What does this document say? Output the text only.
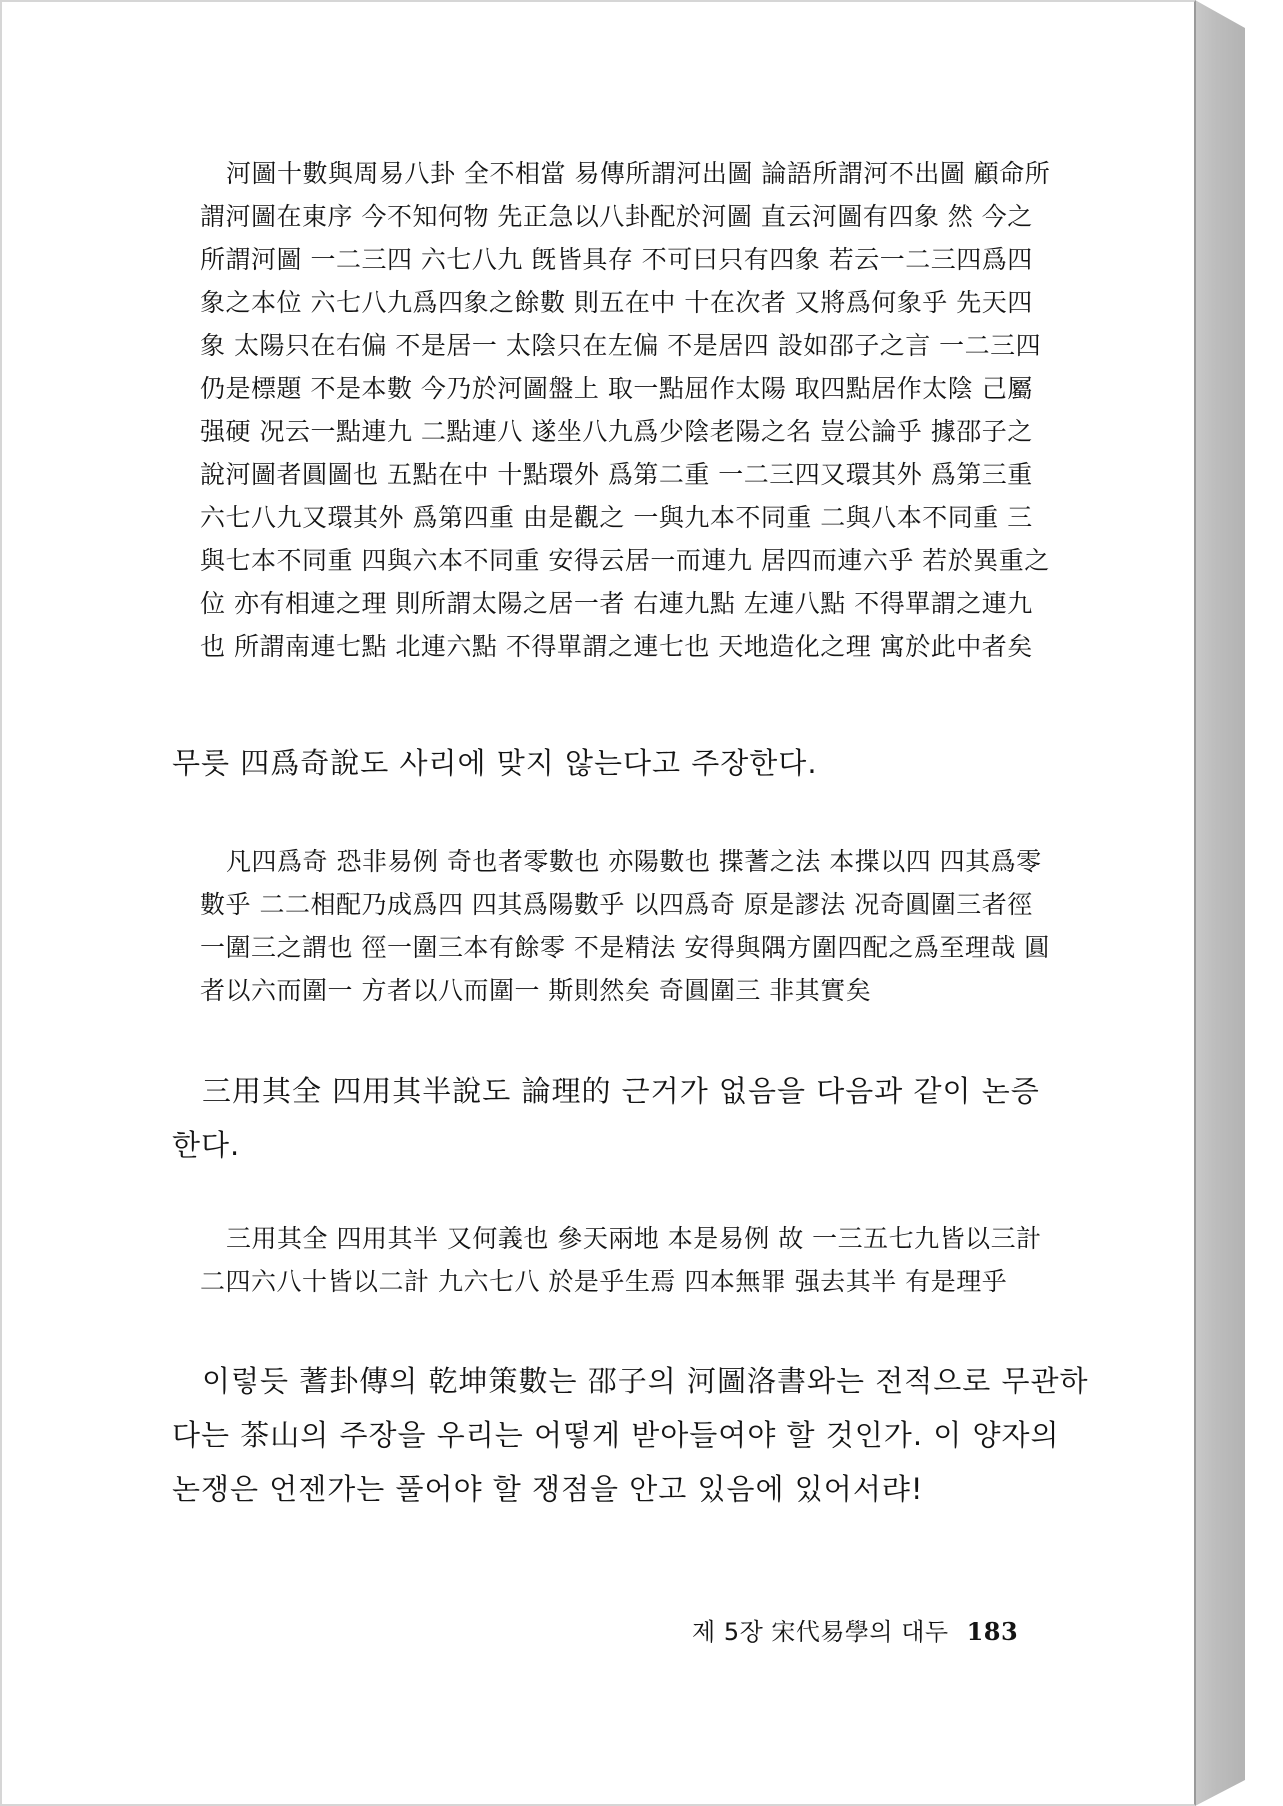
河圖十數與周易八卦 全不相當 易傳所謂河出圖 論語所謂河不出圖 顧命所
謂河圖在東序 今不知何物 先正急以八卦配於河圖 直云河圖有四象 然 今之
所謂河圖 一二三四 六七八九 旣皆具存 不可曰只有四象 若云一二三四爲四
象之本位 六七八九爲四象之餘數 則五在中 十在次者 又將爲何象乎 先天四
象 太陽只在右偏 不是居一 太陰只在左偏 不是居四 設如邵子之言 一二三四
仍是標題 不是本數 今乃於河圖盤上 取一點屈作太陽 取四點居作太陰 己屬
强硬 况云一點連九 二點連八 遂坐八九爲少陰老陽之名 豈公論乎 據邵子之
說河圖者圓圖也 五點在中 十點環外 爲第二重 一二三四又環其外 爲第三重
六七八九又環其外 爲第四重 由是觀之 一與九本不同重 二與八本不同重 三
與七本不同重 四與六本不同重 安得云居一而連九 居四而連六乎 若於異重之
位 亦有相連之理 則所謂太陽之居一者 右連九點 左連八點 不得單謂之連九
也 所謂南連七點 北連六點 不得單謂之連七也 天地造化之理 寓於此中者矣
무릇 四爲奇說도 사리에 맞지 않는다고 주장한다.
凡四爲奇 恐非易例 奇也者零數也 亦陽數也 揲蓍之法 本揲以四 四其爲零
數乎 二二相配乃成爲四 四其爲陽數乎 以四爲奇 原是謬法 况奇圓圍三者徑
一圍三之謂也 徑一圍三本有餘零 不是精法 安得與隅方圍四配之爲至理哉 圓
者以六而圍一 方者以八而圍一 斯則然矣 奇圓圍三 非其實矣
三用其全 四用其半說도 論理的 근거가 없음을 다음과 같이 논증
한다.
三用其全 四用其半 又何義也 參天兩地 本是易例 故 一三五七九皆以三計
二四六八十皆以二計 九六七八 於是乎生焉 四本無罪 强去其半 有是理乎
이렇듯 蓍卦傳의 乾坤策數는 邵子의 河圖洛書와는 전적으로 무관하
다는 茶山의 주장을 우리는 어떻게 받아들여야 할 것인가. 이 양자의
논쟁은 언젠가는 풀어야 할 쟁점을 안고 있음에 있어서랴!
제 5장 宋代易學의 대두 183
